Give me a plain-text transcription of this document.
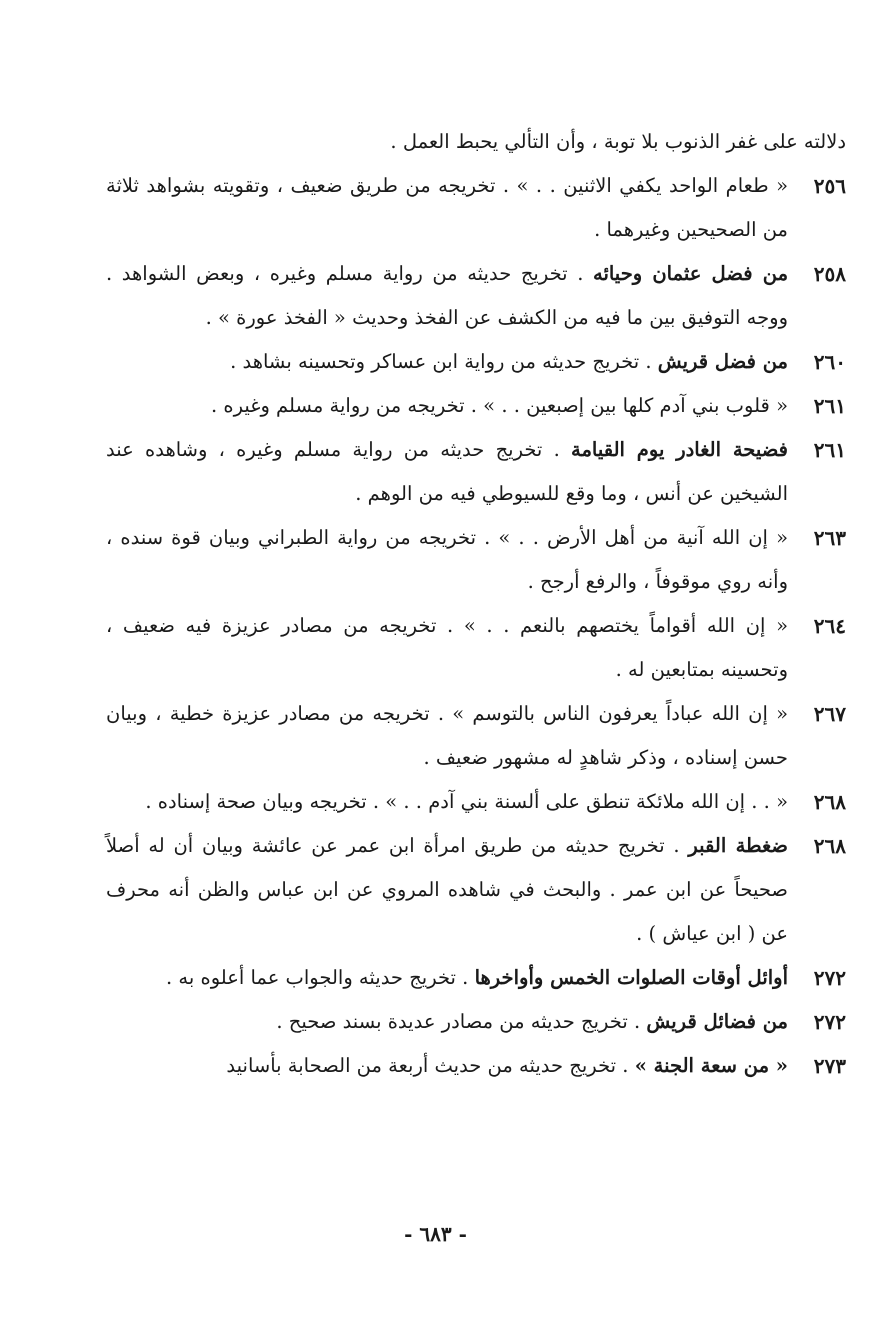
دلالته على غفر الذنوب بلا توبة ، وأن التألي يحبط العمل .
٢٥٦
« طعام الواحد يكفي الاثنين . . » . تخريجه من طريق ضعيف ، وتقويته بشواهد ثلاثة من الصحيحين وغيرهما .
٢٥٨
من فضل عثمان وحيائه . تخريج حديثه من رواية مسلم وغيره ، وبعض الشواهد . ووجه التوفيق بين ما فيه من الكشف عن الفخذ وحديث « الفخذ عورة » .
٢٦٠
من فضل قريش . تخريج حديثه من رواية ابن عساكر وتحسينه بشاهد .
٢٦١
« قلوب بني آدم كلها بين إصبعين . . » . تخريجه من رواية مسلم وغيره .
٢٦١
فضيحة الغادر يوم القيامة . تخريج حديثه من رواية مسلم وغيره ، وشاهده عند الشيخين عن أنس ، وما وقع للسيوطي فيه من الوهم .
٢٦٣
« إن الله آنية من أهل الأرض . . » . تخريجه من رواية الطبراني وبيان قوة سنده ، وأنه روي موقوفاً ، والرفع أرجح .
٢٦٤
« إن الله أقواماً يختصهم بالنعم . . » . تخريجه من مصادر عزيزة فيه ضعيف ، وتحسينه بمتابعين له .
٢٦٧
« إن الله عباداً يعرفون الناس بالتوسم » . تخريجه من مصادر عزيزة خطية ، وبيان حسن إسناده ، وذكر شاهدٍ له مشهور ضعيف .
٢٦٨
« . . إن الله ملائكة تنطق على ألسنة بني آدم . . » . تخريجه وبيان صحة إسناده .
٢٦٨
ضغطة القبر . تخريج حديثه من طريق امرأة ابن عمر عن عائشة وبيان أن له أصلاً صحيحاً عن ابن عمر . والبحث في شاهده المروي عن ابن عباس والظن أنه محرف عن ( ابن عياش ) .
٢٧٢
أوائل أوقات الصلوات الخمس وأواخرها . تخريج حديثه والجواب عما أعلوه به .
٢٧٢
من فضائل قريش . تخريج حديثه من مصادر عديدة بسند صحيح .
٢٧٣
« من سعة الجنة » . تخريج حديثه من حديث أربعة من الصحابة بأسانيد
- ٦٨٣ -
